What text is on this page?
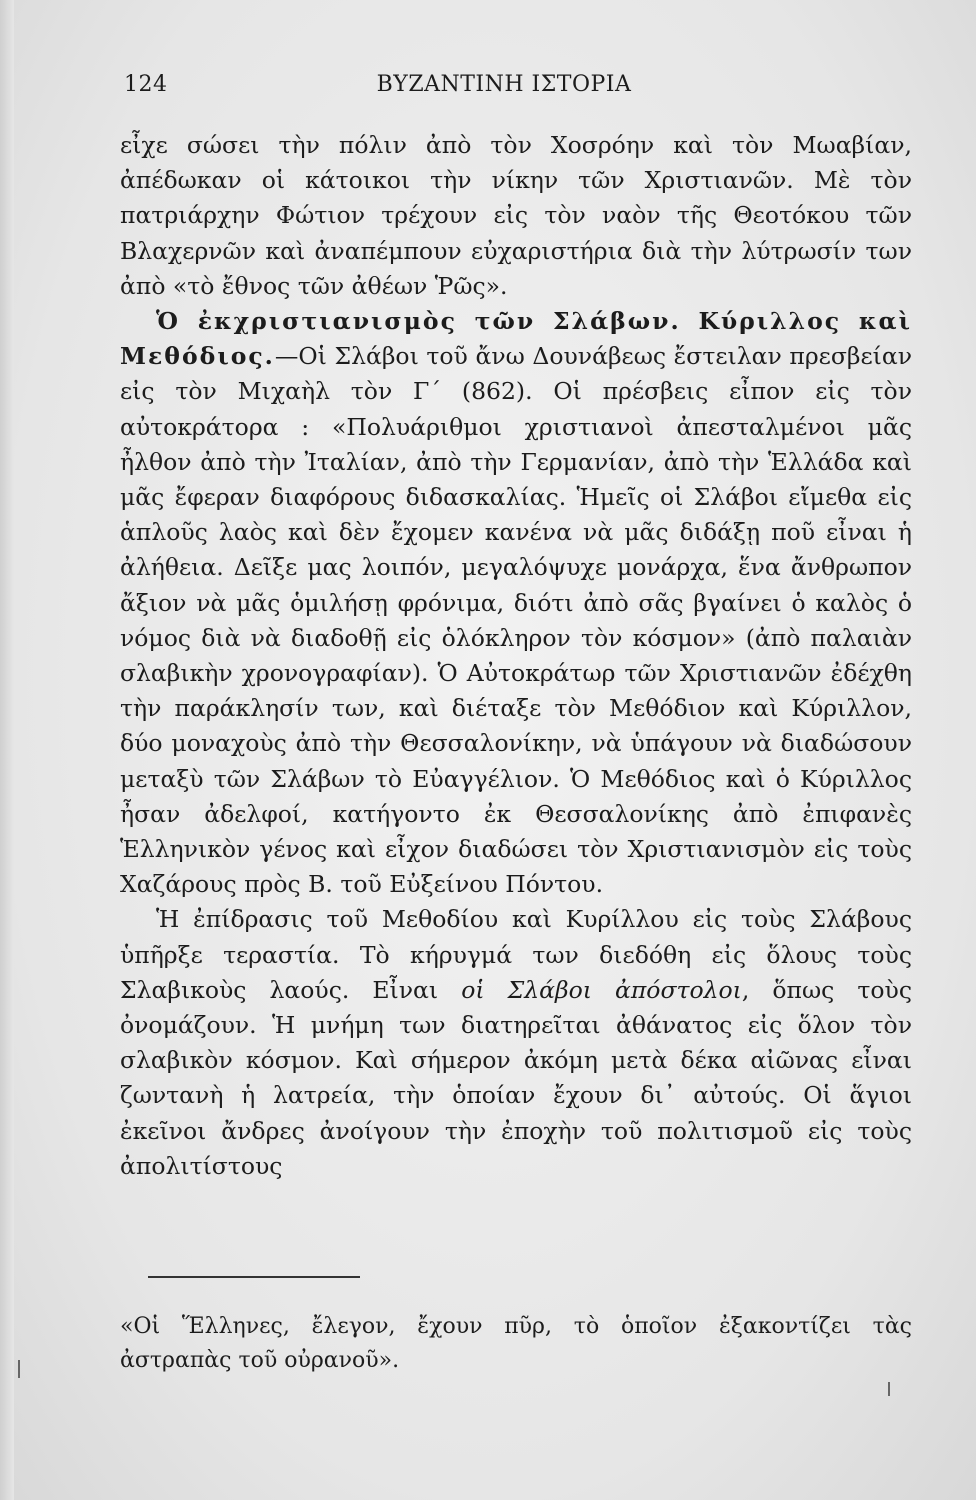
124	ΒΥΖΑΝΤΙΝΗ ΙΣΤΟΡΙΑ

εἶχε σώσει τὴν πόλιν ἀπὸ τὸν Χοσρόην καὶ τὸν Μωαβίαν, ἀπέδωκαν οἱ κάτοικοι τὴν νίκην τῶν Χριστιανῶν. Μὲ τὸν πατριάρχην Φώτιον τρέχουν εἰς τὸν ναὸν τῆς Θεοτόκου τῶν Βλαχερνῶν καὶ ἀναπέμπουν εὐχαριστήρια διὰ τὴν λύτρωσίν των ἀπὸ «τὸ ἔθνος τῶν ἀθέων Ῥῶς».

Ὁ ἐκχριστιανισμὸς τῶν Σλάβων. Κύριλλος καὶ Μεθόδιος.—Οἱ Σλάβοι τοῦ ἄνω Δουνάβεως ἔστειλαν πρεσβείαν εἰς τὸν Μιχαὴλ τὸν Γ΄ (862). Οἱ πρέσβεις εἶπον εἰς τὸν αὐτοκράτορα : «Πολυάριθμοι χριστιανοὶ ἀπεσταλμένοι μᾶς ἦλθον ἀπὸ τὴν Ἰταλίαν, ἀπὸ τὴν Γερμανίαν, ἀπὸ τὴν Ἑλλάδα καὶ μᾶς ἔφεραν διαφόρους διδασκαλίας. Ἡμεῖς οἱ Σλάβοι εἴμεθα εἰς ἁπλοῦς λαὸς καὶ δὲν ἔχομεν κανένα νὰ μᾶς διδάξῃ ποῦ εἶναι ἡ ἀλήθεια. Δεῖξε μας λοιπόν, μεγαλόψυχε μονάρχα, ἕνα ἄνθρωπον ἄξιον νὰ μᾶς ὁμιλήσῃ φρόνιμα, διότι ἀπὸ σᾶς βγαίνει ὁ καλὸς ὁ νόμος διὰ νὰ διαδοθῇ εἰς ὁλόκληρον τὸν κόσμον» (ἀπὸ παλαιὰν σλαβικὴν χρονογραφίαν). Ὁ Αὐτοκράτωρ τῶν Χριστιανῶν ἐδέχθη τὴν παράκλησίν των, καὶ διέταξε τὸν Μεθόδιον καὶ Κύριλλον, δύο μοναχοὺς ἀπὸ τὴν Θεσσαλονίκην, νὰ ὑπάγουν νὰ διαδώσουν μεταξὺ τῶν Σλάβων τὸ Εὐαγγέλιον. Ὁ Μεθόδιος καὶ ὁ Κύριλλος ἦσαν ἀδελφοί, κατήγοντο ἐκ Θεσσαλονίκης ἀπὸ ἐπιφανὲς Ἑλληνικὸν γένος καὶ εἶχον διαδώσει τὸν Χριστιανισμὸν εἰς τοὺς Χαζάρους πρὸς Β. τοῦ Εὐξείνου Πόντου.

Ἡ ἐπίδρασις τοῦ Μεθοδίου καὶ Κυρίλλου εἰς τοὺς Σλάβους ὑπῆρξε τεραστία. Τὸ κήρυγμά των διεδόθη εἰς ὅλους τοὺς Σλαβικοὺς λαούς. Εἶναι οἱ Σλάβοι ἀπόστολοι, ὅπως τοὺς ὀνομάζουν. Ἡ μνήμη των διατηρεῖται ἀθάνατος εἰς ὅλον τὸν σλαβικὸν κόσμον. Καὶ σήμερον ἀκόμη μετὰ δέκα αἰῶνας εἶναι ζωντανὴ ἡ λατρεία, τὴν ὁποίαν ἔχουν δι᾽ αὐτούς. Οἱ ἅγιοι ἐκεῖνοι ἄνδρες ἀνοίγουν τὴν ἐποχὴν τοῦ πολιτισμοῦ εἰς τοὺς ἀπολιτίστους

«Οἱ Ἕλληνες, ἔλεγον, ἔχουν πῦρ, τὸ ὁποῖον ἐξακοντίζει τὰς ἀστραπὰς τοῦ οὐρανοῦ».
